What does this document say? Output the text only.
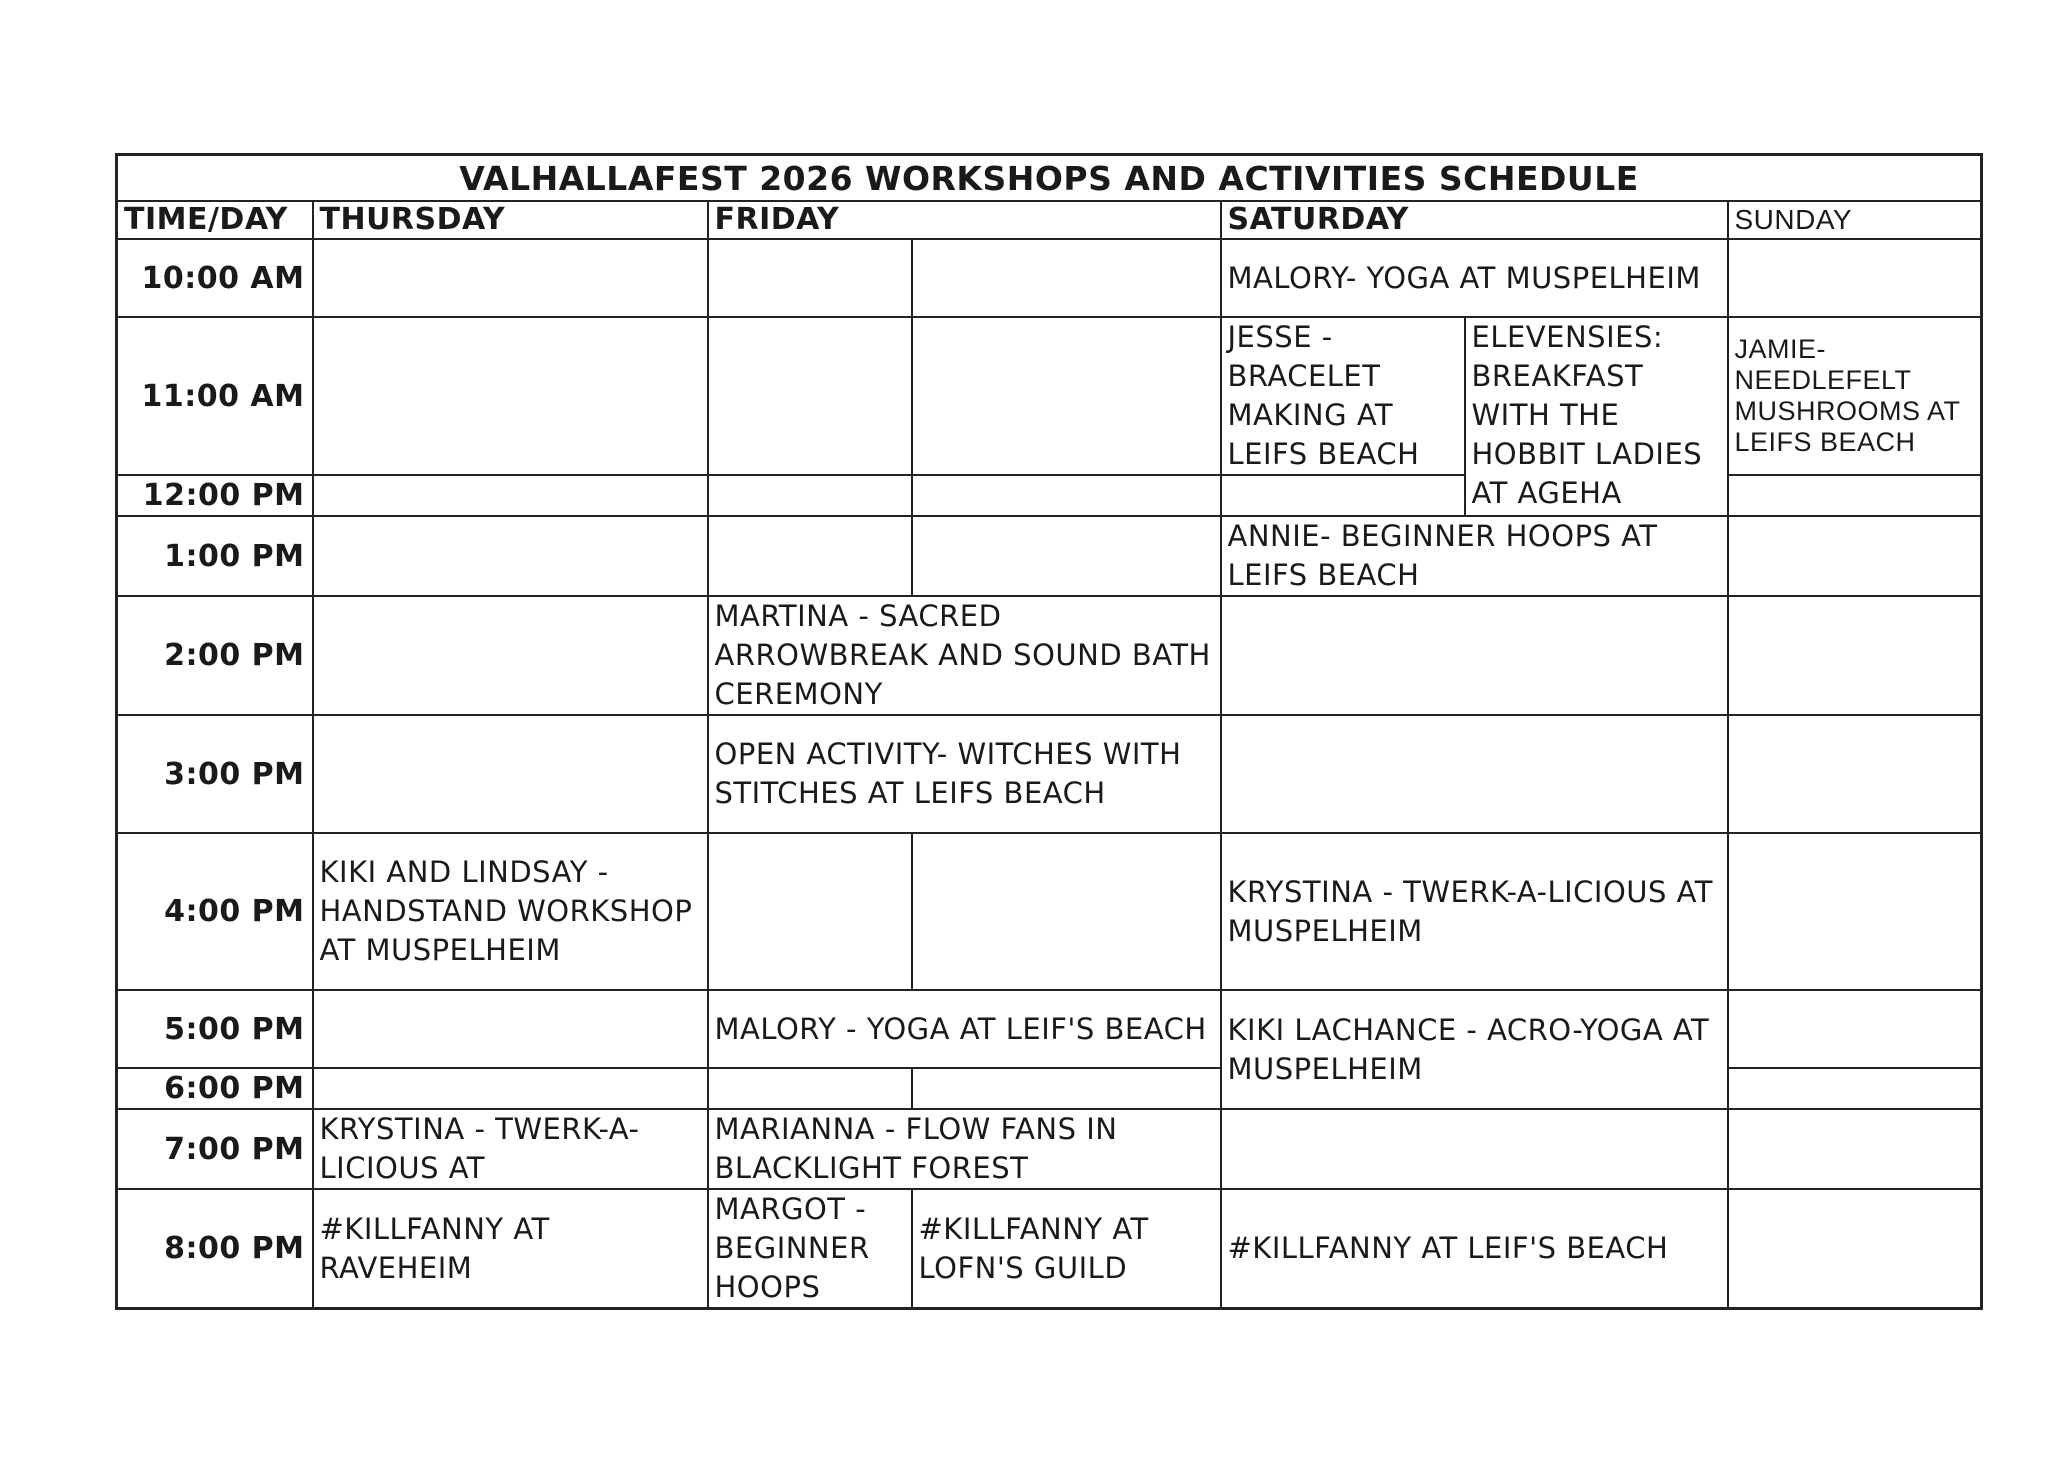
VALHALLAFEST 2026 WORKSHOPS AND ACTIVITIES SCHEDULE						
TIME/DAY	THURSDAY	FRIDAY		SATURDAY		SUNDAY
10:00 AM				MALORY- YOGA AT MUSPELHEIM		
11:00 AM				JESSE - BRACELET MAKING AT LEIFS BEACH	ELEVENSIES: BREAKFAST WITH THE HOBBIT LADIES AT AGEHA	JAMIE- NEEDLEFELT MUSHROOMS AT LEIFS BEACH
12:00 PM						
1:00 PM				ANNIE- BEGINNER HOOPS AT LEIFS BEACH		
2:00 PM		MARTINA - SACRED ARROWBREAK AND SOUND BATH CEREMONY				
3:00 PM		OPEN ACTIVITY- WITCHES WITH STITCHES AT LEIFS BEACH				
4:00 PM	KIKI AND LINDSAY - HANDSTAND WORKSHOP AT MUSPELHEIM			KRYSTINA - TWERK-A-LICIOUS AT MUSPELHEIM		
5:00 PM		MALORY - YOGA AT LEIF'S BEACH		KIKI LACHANCE - ACRO-YOGA AT MUSPELHEIM		
6:00 PM						
7:00 PM	KRYSTINA - TWERK-A-LICIOUS AT	MARIANNA - FLOW FANS IN BLACKLIGHT FOREST				
8:00 PM	#KILLFANNY AT RAVEHEIM	MARGOT - BEGINNER HOOPS	#KILLFANNY AT LOFN'S GUILD	#KILLFANNY AT LEIF'S BEACH		
